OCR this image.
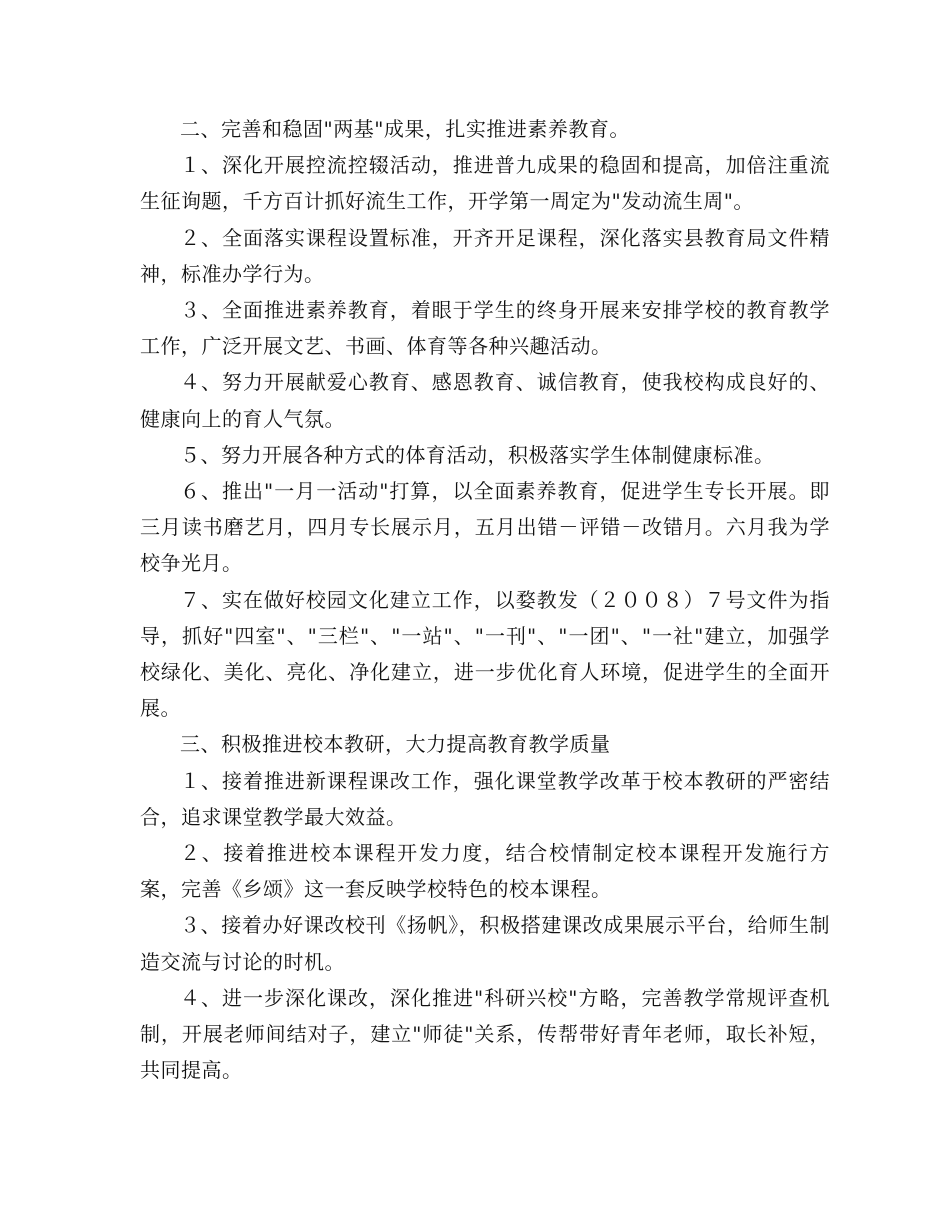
二、完善和稳固"两基"成果，扎实推进素养教育。

１、深化开展控流控辍活动，推进普九成果的稳固和提高，加倍注重流生征询题，千方百计抓好流生工作，开学第一周定为"发动流生周"。

２、全面落实课程设置标准，开齐开足课程，深化落实县教育局文件精神，标准办学行为。

３、全面推进素养教育，着眼于学生的终身开展来安排学校的教育教学工作，广泛开展文艺、书画、体育等各种兴趣活动。

４、努力开展献爱心教育、感恩教育、诚信教育，使我校构成良好的、健康向上的育人气氛。

５、努力开展各种方式的体育活动，积极落实学生体制健康标准。

６、推出"一月一活动"打算，以全面素养教育，促进学生专长开展。即三月读书磨艺月，四月专长展示月，五月出错－评错－改错月。六月我为学校争光月。

７、实在做好校园文化建立工作，以婺教发（２００８）７号文件为指导，抓好"四室"、"三栏"、"一站"、"一刊"、"一团"、"一社"建立，加强学校绿化、美化、亮化、净化建立，进一步优化育人环境，促进学生的全面开展。

三、积极推进校本教研，大力提高教育教学质量

１、接着推进新课程课改工作，强化课堂教学改革于校本教研的严密结合，追求课堂教学最大效益。

２、接着推进校本课程开发力度，结合校情制定校本课程开发施行方案，完善《乡颂》这一套反映学校特色的校本课程。

３、接着办好课改校刊《扬帆》，积极搭建课改成果展示平台，给师生制造交流与讨论的时机。

４、进一步深化课改，深化推进"科研兴校"方略，完善教学常规评查机制，开展老师间结对子，建立"师徒"关系，传帮带好青年老师，取长补短，共同提高。
